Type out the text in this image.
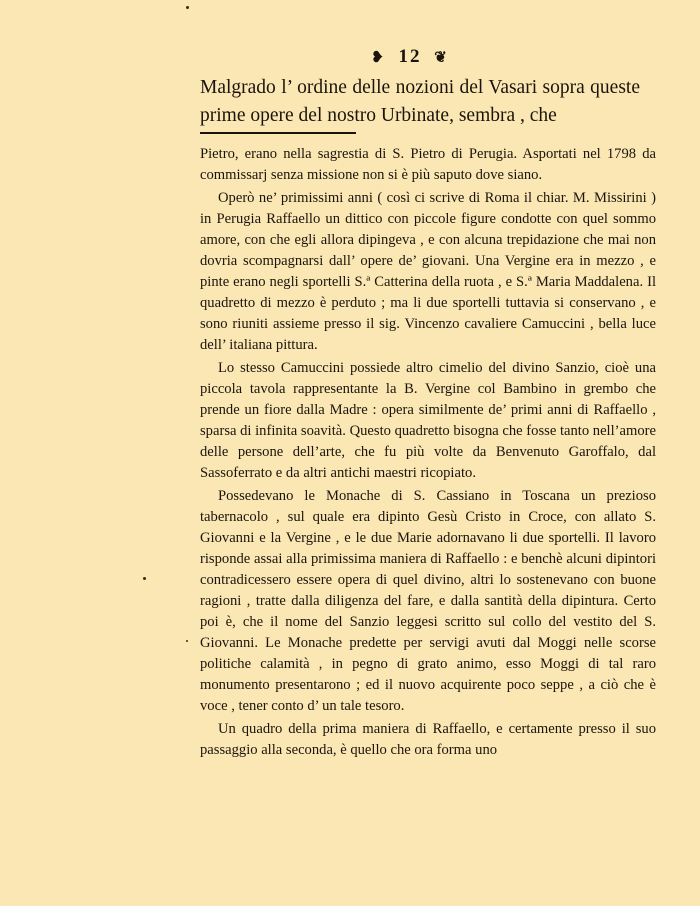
❥ 12 ❦
Malgrado l’ ordine delle nozioni del Vasari sopra queste prime opere del nostro Urbinate, sembra , che

Pietro, erano nella sagrestia di S. Pietro di Perugia. Asportati nel 1798 da commissarj senza missione non si è più saputo dove siano.

Operò ne’ primissimi anni ( così ci scrive di Roma il chiar. M. Missirini ) in Perugia Raffaello un dittico con piccole figure condotte con quel sommo amore, con che egli allora dipingeva , e con alcuna trepidazione che mai non dovria scompagnarsi dall’ opere de’ giovani. Una Vergine era in mezzo , e pinte erano negli sportelli S.ª Catterina della ruota , e S.ª Maria Maddalena. Il quadretto di mezzo è perduto ; ma li due sportelli tuttavia si conservano , e sono riuniti assieme presso il sig. Vincenzo cavaliere Camuccini , bella luce dell’ italiana pittura.

Lo stesso Camuccini possiede altro cimelio del divino Sanzio, cioè una piccola tavola rappresentante la B. Vergine col Bambino in grembo che prende un fiore dalla Madre : opera similmente de’ primi anni di Raffaello , sparsa di infinita soavità. Questo quadretto bisogna che fosse tanto nell’amore delle persone dell’arte, che fu più volte da Benvenuto Garoffalo, dal Sassoferrato e da altri antichi maestri ricopiato.

Possedevano le Monache di S. Cassiano in Toscana un prezioso tabernacolo , sul quale era dipinto Gesù Cristo in Croce, con allato S. Giovanni e la Vergine , e le due Marie adornavano li due sportelli. Il lavoro risponde assai alla primissima maniera di Raffaello : e benchè alcuni dipintori contradicessero essere opera di quel divino, altri lo sostenevano con buone ragioni , tratte dalla diligenza del fare, e dalla santità della dipintura. Certo poi è, che il nome del Sanzio leggesi scritto sul collo del vestito del S. Giovanni. Le Monache predette per servigi avuti dal Moggi nelle scorse politiche calamità , in pegno di grato animo, esso Moggi di tal raro monumento presentarono ; ed il nuovo acquirente poco seppe , a ciò che è voce , tener conto d’ un tale tesoro.

Un quadro della prima maniera di Raffaello, e certamente presso il suo passaggio alla seconda, è quello che ora forma uno
